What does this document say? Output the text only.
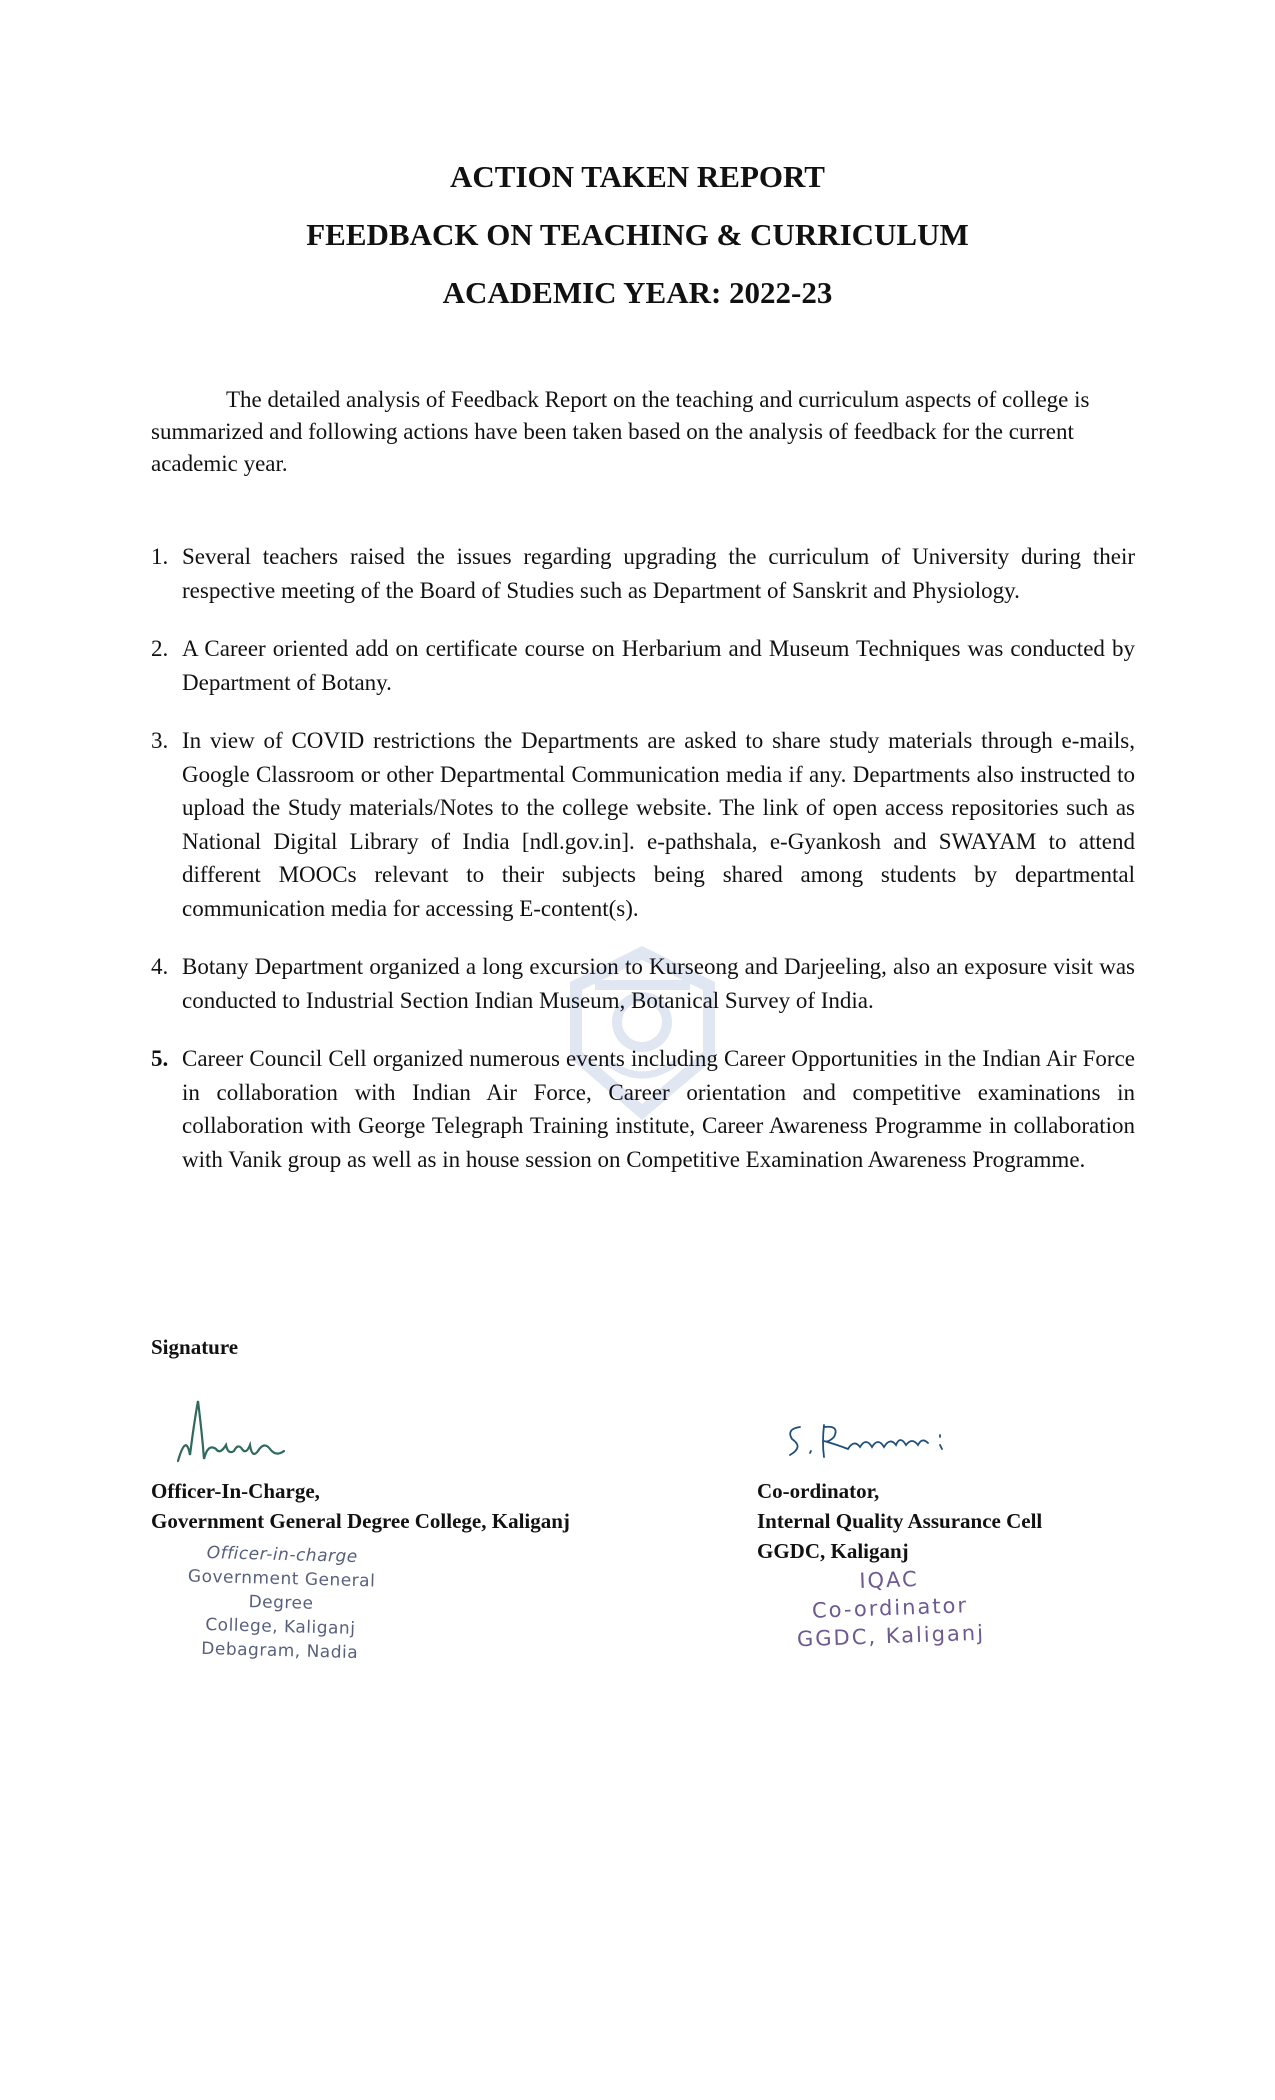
ACTION TAKEN REPORT

FEEDBACK ON TEACHING & CURRICULUM

ACADEMIC YEAR: 2022-23

The detailed analysis of Feedback Report on the teaching and curriculum aspects of college is summarized and following actions have been taken based on the analysis of feedback for the current academic year.

1. Several teachers raised the issues regarding upgrading the curriculum of University during their respective meeting of the Board of Studies such as Department of Sanskrit and Physiology.
2. A Career oriented add on certificate course on Herbarium and Museum Techniques was conducted by Department of Botany.
3. In view of COVID restrictions the Departments are asked to share study materials through e-mails, Google Classroom or other Departmental Communication media if any. Departments also instructed to upload the Study materials/Notes to the college website. The link of open access repositories such as National Digital Library of India [ndl.gov.in]. e-pathshala, e-Gyankosh and SWAYAM to attend different MOOCs relevant to their subjects being shared among students by departmental communication media for accessing E-content(s).
4. Botany Department organized a long excursion to Kurseong and Darjeeling, also an exposure visit was conducted to Industrial Section Indian Museum, Botanical Survey of India.
5. Career Council Cell organized numerous events including Career Opportunities in the Indian Air Force in collaboration with Indian Air Force, Career orientation and competitive examinations in collaboration with George Telegraph Training institute, Career Awareness Programme in collaboration with Vanik group as well as in house session on Competitive Examination Awareness Programme.

Signature

Officer-In-Charge,
Government General Degree College, Kaliganj
Co-ordinator,
Internal Quality Assurance Cell
GGDC, Kaliganj
Officer-in-charge
Government General Degree
College, Kaliganj
Debagram, Nadia
IQAC
Co-ordinator
GGDC, Kaliganj
